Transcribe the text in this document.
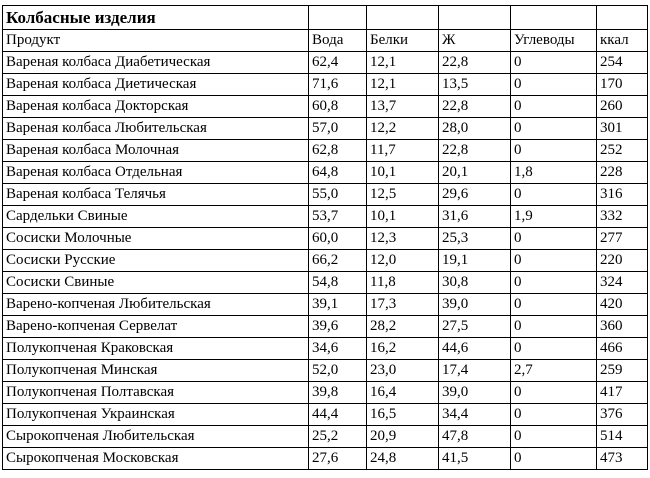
Колбасные изделия					
Продукт	Вода	Белки	Ж	Углеводы	ккал
Вареная колбаса Диабетическая	62,4	12,1	22,8	0	254
Вареная колбаса Диетическая	71,6	12,1	13,5	0	170
Вареная колбаса Докторская	60,8	13,7	22,8	0	260
Вареная колбаса Любительская	57,0	12,2	28,0	0	301
Вареная колбаса Молочная	62,8	11,7	22,8	0	252
Вареная колбаса Отдельная	64,8	10,1	20,1	1,8	228
Вареная колбаса Телячья	55,0	12,5	29,6	0	316
Сардельки Свиные	53,7	10,1	31,6	1,9	332
Сосиски Молочные	60,0	12,3	25,3	0	277
Сосиски Русские	66,2	12,0	19,1	0	220
Сосиски Свиные	54,8	11,8	30,8	0	324
Варено-копченая Любительская	39,1	17,3	39,0	0	420
Варено-копченая Сервелат	39,6	28,2	27,5	0	360
Полукопченая Краковская	34,6	16,2	44,6	0	466
Полукопченая Минская	52,0	23,0	17,4	2,7	259
Полукопченая Полтавская	39,8	16,4	39,0	0	417
Полукопченая Украинская	44,4	16,5	34,4	0	376
Сырокопченая Любительская	25,2	20,9	47,8	0	514
Сырокопченая Московская	27,6	24,8	41,5	0	473
